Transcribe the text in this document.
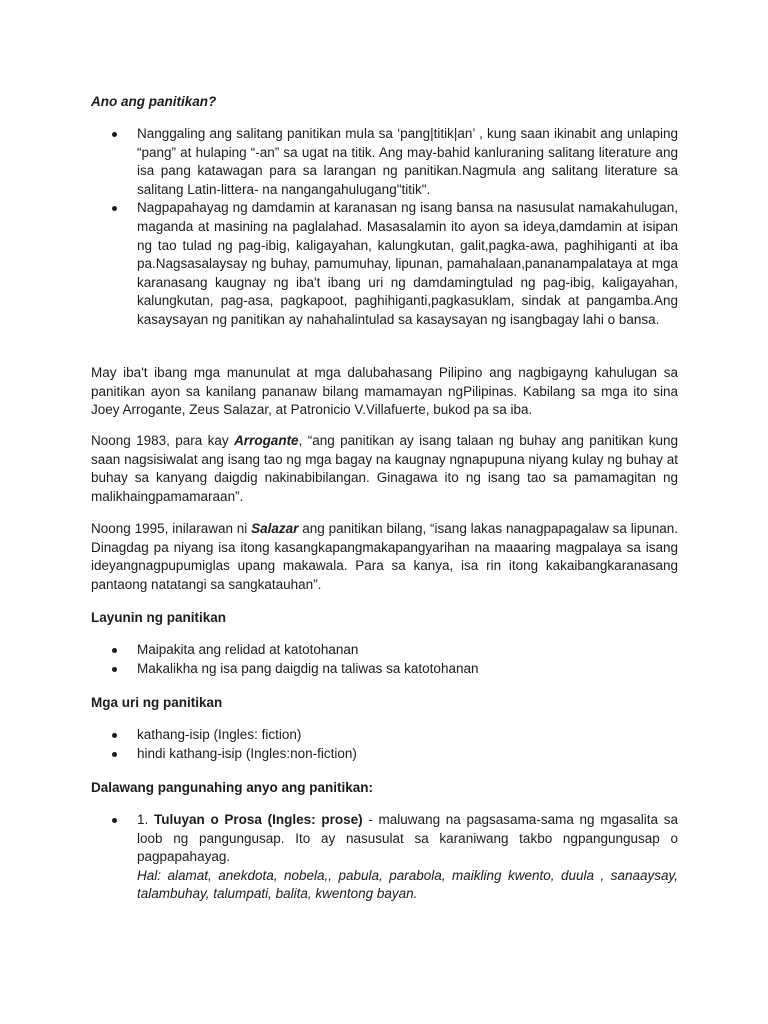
Ano ang panitikan?

Nanggaling ang salitang panitikan mula sa ‘pang|titik|an’ , kung saan ikinabit ang unlaping “pang” at hulaping “-an” sa ugat na titik. Ang may-bahid kanluraning salitang literature ang isa pang katawagan para sa larangan ng panitikan.Nagmula ang salitang literature sa salitang Latin-littera- na nangangahulugang"titik".
Nagpapahayag ng damdamin at karanasan ng isang bansa na nasusulat namakahulugan, maganda at masining na paglalahad. Masasalamin ito ayon sa ideya,damdamin at isipan ng tao tulad ng pag-ibig, kaligayahan, kalungkutan, galit,pagka-awa, paghihiganti at iba pa.Nagsasalaysay ng buhay, pamumuhay, lipunan, pamahalaan,pananampalataya at mga karanasang kaugnay ng iba't ibang uri ng damdamingtulad ng pag-ibig, kaligayahan, kalungkutan, pag-asa, pagkapoot, paghihiganti,pagkasuklam, sindak at pangamba.Ang kasaysayan ng panitikan ay nahahalintulad sa kasaysayan ng isangbagay lahi o bansa.

May iba't ibang mga manunulat at mga dalubahasang Pilipino ang nagbigayng kahulugan sa panitikan ayon sa kanilang pananaw bilang mamamayan ngPilipinas. Kabilang sa mga ito sina Joey Arrogante, Zeus Salazar, at Patronicio V.Villafuerte, bukod pa sa iba.

Noong 1983, para kay Arrogante, “ang panitikan ay isang talaan ng buhay ang panitikan kung saan nagsisiwalat ang isang tao ng mga bagay na kaugnay ngnapupuna niyang kulay ng buhay at buhay sa kanyang daigdig nakinabibilangan. Ginagawa ito ng isang tao sa pamamagitan ng malikhaingpamamaraan”.

Noong 1995, inilarawan ni Salazar ang panitikan bilang, “isang lakas nanagpapagalaw sa lipunan. Dinagdag pa niyang isa itong kasangkapangmakapangyarihan na maaaring magpalaya sa isang ideyangnagpupumiglas upang makawala. Para sa kanya, isa rin itong kakaibangkaranasang pantaong natatangi sa sangkatauhan”.

Layunin ng panitikan

Maipakita ang relidad at katotohanan
Makalikha ng isa pang daigdig na taliwas sa katotohanan

Mga uri ng panitikan

kathang-isip (Ingles: fiction)
hindi kathang-isip (Ingles:non-fiction)

Dalawang pangunahing anyo ang panitikan:

1. Tuluyan o Prosa (Ingles: prose) - maluwang na pagsasama-sama ng mgasalita sa loob ng pangungusap. Ito ay nasusulat sa karaniwang takbo ngpangungusap o pagpapahayag.
Hal: alamat, anekdota, nobela,, pabula, parabola, maikling kwento, duula , sanaaysay, talambuhay, talumpati, balita, kwentong bayan.
